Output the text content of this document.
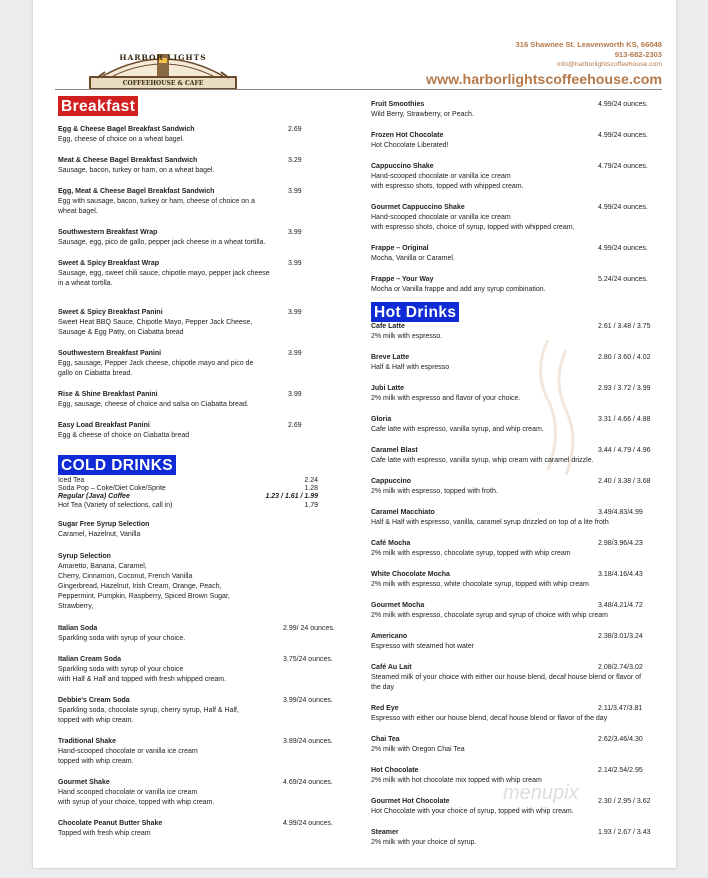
HARBOR LIGHTS
COFFEEHOUSE & CAFE
316 Shawnee St. Leavenworth KS, 66048
913-682-2303
info@harborlightscoffeehouse.com
www.harborlightscoffeehouse.com
menupix
Breakfast
Egg & Cheese Bagel Breakfast Sandwich	2.69
Egg, cheese of choice on a wheat bagel.
Meat & Cheese Bagel Breakfast Sandwich	3.29
Sausage, bacon, turkey or ham, on a wheat bagel.
Egg, Meat & Cheese Bagel Breakfast Sandwich	3.99
Egg with sausage, bacon, turkey or ham, cheese of choice on a
wheat bagel.
Southwestern Breakfast Wrap	3.99
Sausage, egg, pico de gallo, pepper jack cheese in a wheat tortilla.
Sweet & Spicy Breakfast Wrap	3.99
Sausage, egg, sweet chili sauce, chipotle mayo, pepper jack cheese
in a wheat tortilla.
Sweet & Spicy Breakfast Panini	3.99
Sweet Heat BBQ Sauce, Chipotle Mayo, Pepper Jack Cheese,
Sausage & Egg Patty, on Ciabatta bread
Southwestern Breakfast Panini	3.99
Egg, sausage, Pepper Jack cheese, chipotle mayo and pico de
gallo on Ciabatta bread.
Rise & Shine Breakfast Panini	3.99
Egg, sausage, cheese of choice and salsa on Ciabatta bread.
Easy Load Breakfast Panini	2.69
Egg & cheese of choice on Ciabatta bread
COLD DRINKS
Iced Tea	2.24
Soda Pop – Coke/Diet Coke/Sprite	1.28
Regular (Java) Coffee	1.23 / 1.61 / 1.99
Hot Tea (Variety of selections, call in)	1.79
Sugar Free Syrup Selection
Caramel, Hazelnut, Vanilla
Syrup Selection
Amaretto, Banana, Caramel,
Cherry, Cinnamon, Coconut, French Vanilla
Gingerbread, Hazelnut, Irish Cream, Orange, Peach,
Peppermint, Pumpkin, Raspberry, Spiced Brown Sugar,
Strawberry,
Italian Soda	2.99/ 24 ounces.
Sparkling soda with syrup of your choice.
Italian Cream Soda	3.75/24 ounces.
Sparkling soda with syrup of your choice
with Half & Half and topped with fresh whipped cream.
Debbie's Cream Soda	3.99/24 ounces.
Sparkling soda, chocolate syrup, cherry syrup, Half & Half,
topped with whip cream.
Traditional Shake	3.89/24 ounces.
Hand-scooped chocolate or vanilla ice cream
topped with whip cream.
Gourmet Shake	4.69/24 ounces.
Hand scooped chocolate or vanilla ice cream
with syrup of your choice, topped with whip cream.
Chocolate Peanut Butter Shake	4.99/24 ounces.
Topped with fresh whip cream
Fruit Smoothies	4.99/24 ounces.
Wild Berry, Strawberry, or Peach.
Frozen Hot Chocolate	4.99/24 ounces.
Hot Chocolate Liberated!
Cappuccino Shake	4.79/24 ounces.
Hand-scooped chocolate or vanilla ice cream
with espresso shots, topped with whipped cream.
Gourmet Cappuccino Shake	4.99/24 ounces.
Hand-scooped chocolate or vanilla ice cream
with espresso shots, choice of syrup, topped with whipped cream.
Frappe – Original	4.99/24 ounces.
Mocha, Vanilla or Caramel.
Frappe – Your Way	5.24/24 ounces.
Mocha or Vanilla frappe and add any syrup combination.
Hot Drinks
Cafe Latte	2.61 / 3.48 / 3.75
2% milk with espresso.
Breve Latte	2.80 / 3.60 / 4.02
Half & Half with espresso
Jubi Latte	2.93 / 3.72 / 3.99
2% milk with espresso and flavor of your choice.
Gloria	3.31 / 4.66 / 4.88
Cafe latte with espresso, vanilla syrup, and whip cream.
Caramel Blast	3.44 / 4.79 / 4.96
Cafe latte with espresso, vanilla syrup, whip cream with caramel drizzle.
Cappuccino	2.40 / 3.38 / 3.68
2% milk with espresso, topped with froth.
Caramel Macchiato	3.49/4.83/4.99
Half & Half with espresso, vanilla, caramel syrup drizzled on top of a lite froth
Café Mocha	2.98/3.96/4.23
2% milk with espresso, chocolate syrup, topped with whip cream
White Chocolate Mocha	3.18/4.16/4.43
2% milk with espresso, white chocolate syrup, topped with whip cream
Gourmet Mocha	3.48/4.21/4.72
2% milk with espresso, chocolate syrup and syrup of choice with whip cream
Americano	2.38/3.01/3.24
Espresso with steamed hot water
Café Au Lait	2.08/2.74/3.02
Steamed milk of your choice with either our house blend, decaf house blend or flavor of
the day
Red Eye	2.11/3.47/3.81
Espresso with either our house blend, decaf house blend or flavor of the day
Chai Tea	2.62/3.46/4.30
2% milk with Oregon Chai Tea
Hot Chocolate	2.14/2.54/2.95
2% milk with hot chocolate mix topped with whip cream
Gourmet Hot Chocolate	2.30 / 2.95 / 3.62
Hot Chocolate with your choice of syrup, topped with whip cream.
Steamer	1.93 / 2.67 / 3.43
2% milk with your choice of syrup.
